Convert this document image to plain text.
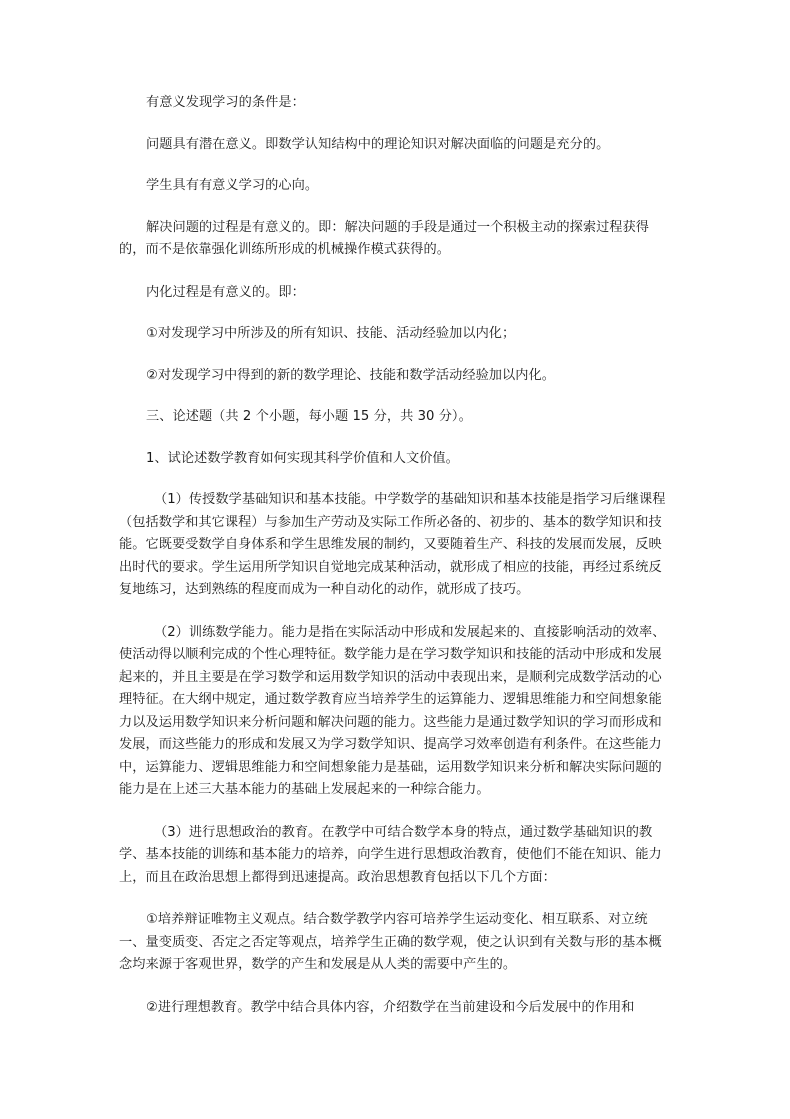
有意义发现学习的条件是：

问题具有潜在意义。即数学认知结构中的理论知识对解决面临的问题是充分的。

学生具有有意义学习的心向。

解决问题的过程是有意义的。即：解决问题的手段是通过一个积极主动的探索过程获得的，而不是依靠强化训练所形成的机械操作模式获得的。

内化过程是有意义的。即：

①对发现学习中所涉及的所有知识、技能、活动经验加以内化；

②对发现学习中得到的新的数学理论、技能和数学活动经验加以内化。

三、论述题（共 2 个小题，每小题 15 分，共 30 分）。

1、试论述数学教育如何实现其科学价值和人文价值。

（1）传授数学基础知识和基本技能。中学数学的基础知识和基本技能是指学习后继课程（包括数学和其它课程）与参加生产劳动及实际工作所必备的、初步的、基本的数学知识和技能。它既要受数学自身体系和学生思维发展的制约，又要随着生产、科技的发展而发展，反映出时代的要求。学生运用所学知识自觉地完成某种活动，就形成了相应的技能，再经过系统反复地练习，达到熟练的程度而成为一种自动化的动作，就形成了技巧。

（2）训练数学能力。能力是指在实际活动中形成和发展起来的、直接影响活动的效率、使活动得以顺利完成的个性心理特征。数学能力是在学习数学知识和技能的活动中形成和发展起来的，并且主要是在学习数学和运用数学知识的活动中表现出来，是顺利完成数学活动的心理特征。在大纲中规定，通过数学教育应当培养学生的运算能力、逻辑思维能力和空间想象能力以及运用数学知识来分析问题和解决问题的能力。这些能力是通过数学知识的学习而形成和发展，而这些能力的形成和发展又为学习数学知识、提高学习效率创造有利条件。在这些能力中，运算能力、逻辑思维能力和空间想象能力是基础，运用数学知识来分析和解决实际问题的能力是在上述三大基本能力的基础上发展起来的一种综合能力。

（3）进行思想政治的教育。在教学中可结合数学本身的特点，通过数学基础知识的教学、基本技能的训练和基本能力的培养，向学生进行思想政治教育，使他们不能在知识、能力上，而且在政治思想上都得到迅速提高。政治思想教育包括以下几个方面：

①培养辩证唯物主义观点。结合数学教学内容可培养学生运动变化、相互联系、对立统一、量变质变、否定之否定等观点，培养学生正确的数学观，使之认识到有关数与形的基本概念均来源于客观世界，数学的产生和发展是从人类的需要中产生的。

②进行理想教育。教学中结合具体内容，介绍数学在当前建设和今后发展中的作用和
